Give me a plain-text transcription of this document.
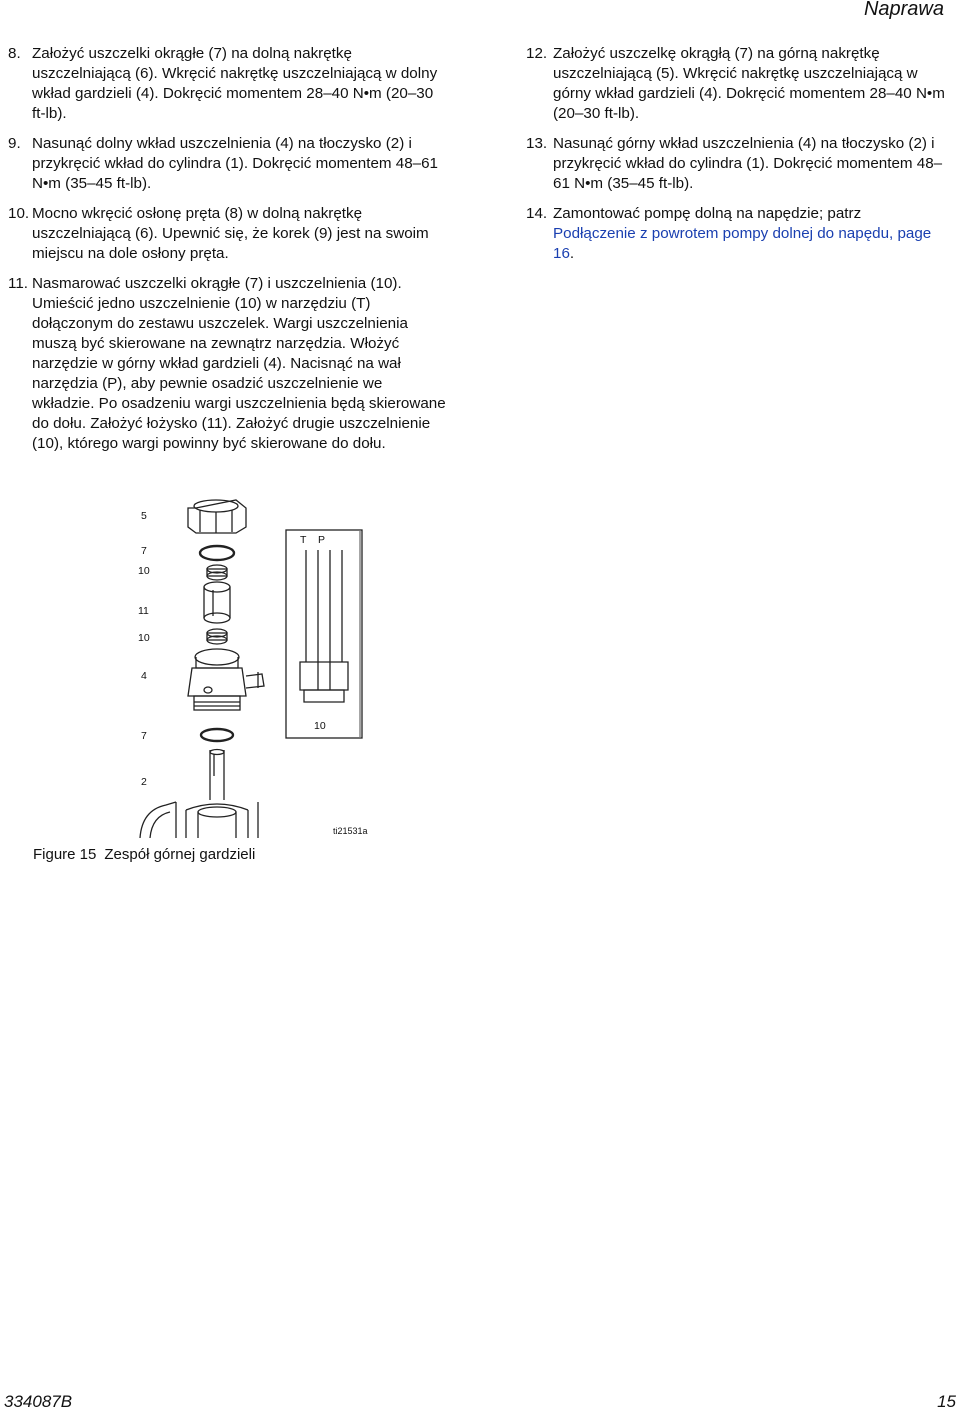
Naprawa
8. Założyć uszczelki okrągłe (7) na dolną nakrętkę uszczelniającą (6). Wkręcić nakrętkę uszczelniającą w dolny wkład gardzieli (4). Dokręcić momentem 28–40 N•m (20–30 ft-lb).
9. Nasunąć dolny wkład uszczelnienia (4) na tłoczysko (2) i przykręcić wkład do cylindra (1). Dokręcić momentem 48–61 N•m (35–45 ft-lb).
10. Mocno wkręcić osłonę pręta (8) w dolną nakrętkę uszczelniającą (6). Upewnić się, że korek (9) jest na swoim miejscu na dole osłony pręta.
11. Nasmarować uszczelki okrągłe (7) i uszczelnienia (10). Umieścić jedno uszczelnienie (10) w narzędziu (T) dołączonym do zestawu uszczelek. Wargi uszczelnienia muszą być skierowane na zewnątrz narzędzia. Włożyć narzędzie w górny wkład gardzieli (4). Nacisnąć na wał narzędzia (P), aby pewnie osadzić uszczelnienie we wkładzie. Po osadzeniu wargi uszczelnienia będą skierowane do dołu. Założyć łożysko (11). Założyć drugie uszczelnienie (10), którego wargi powinny być skierowane do dołu.
12. Założyć uszczelkę okrągłą (7) na górną nakrętkę uszczelniającą (5). Wkręcić nakrętkę uszczelniającą w górny wkład gardzieli (4). Dokręcić momentem 28–40 N•m (20–30 ft-lb).
13. Nasunąć górny wkład uszczelnienia (4) na tłoczysko (2) i przykręcić wkład do cylindra (1). Dokręcić momentem 48–61 N•m (35–45 ft-lb).
14. Zamontować pompę dolną na napędzie; patrz Podłączenie z powrotem pompy dolnej do napędu, page 16.
5
7
10
11
10
4
7
2
T P
10
ti21531a
Figure 15 Zespół górnej gardzieli
334087B	15
